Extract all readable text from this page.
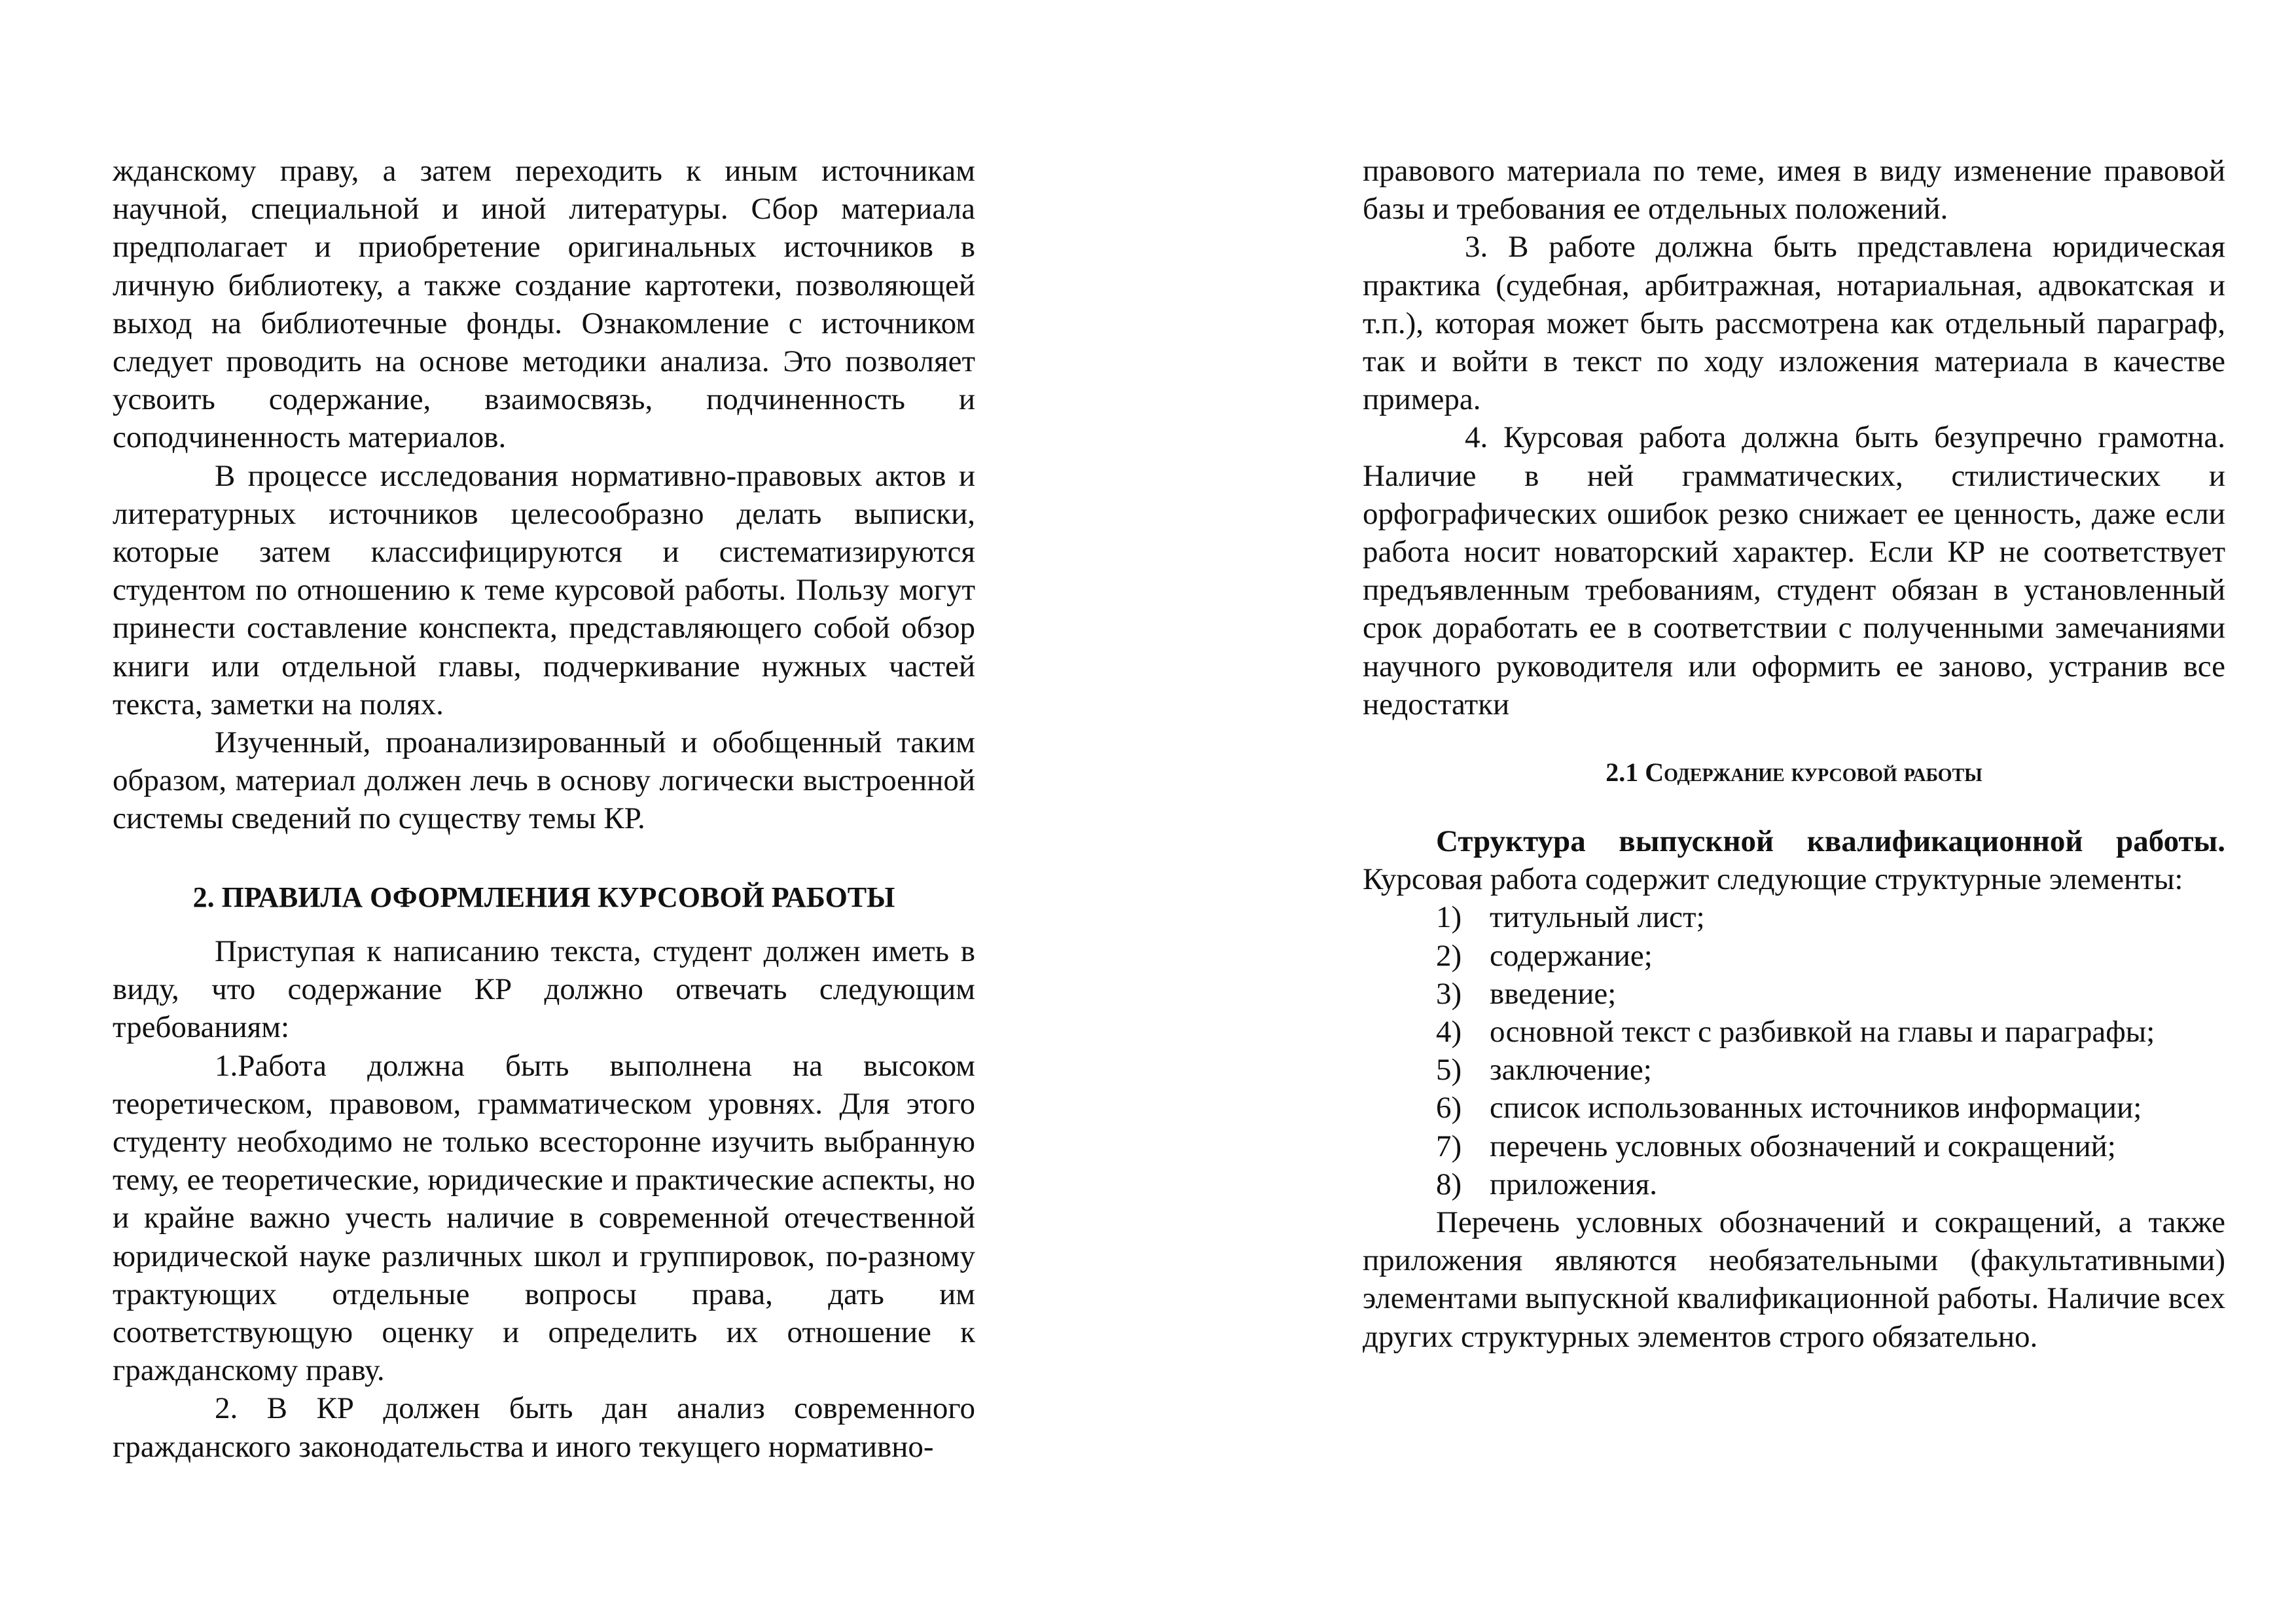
жданскому праву, а затем переходить к иным источникам научной, специальной и иной литературы. Сбор материала предполагает и приобретение оригинальных источников в личную библиотеку, а также создание картотеки, позволяющей выход на библиотечные фонды. Ознакомление с источником следует проводить на основе методики анализа. Это позволяет усвоить содержание, взаимосвязь, подчиненность и соподчиненность материалов.

В процессе исследования нормативно-правовых актов и литературных источников целесообразно делать выписки, которые затем классифицируются и систематизируются студентом по отношению к теме курсовой работы. Пользу могут принести составление конспекта, представляющего собой обзор книги или отдельной главы, подчеркивание нужных частей текста, заметки на полях.

Изученный, проанализированный и обобщенный таким образом, материал должен лечь в основу логически выстроенной системы сведений по существу темы КР.

2. ПРАВИЛА ОФОРМЛЕНИЯ КУРСОВОЙ РАБОТЫ

Приступая к написанию текста, студент должен иметь в виду, что содержание КР должно отвечать следующим требованиям:

1.Работа должна быть выполнена на высоком теоретическом, правовом, грамматическом уровнях. Для этого студенту необходимо не только всесторонне изучить выбранную тему, ее теоретические, юридические и практические аспекты, но и крайне важно учесть наличие в современной отечественной юридической науке различных школ и группировок, по-разному трактующих отдельные вопросы права, дать им соответствующую оценку и определить их отношение к гражданскому праву.

2. В КР должен быть дан анализ современного гражданского законодательства и иного текущего нормативно-

правового материала по теме, имея в виду изменение правовой базы и требования ее отдельных положений.

3. В работе должна быть представлена юридическая практика (судебная, арбитражная, нотариальная, адвокатская и т.п.), которая может быть рассмотрена как отдельный параграф, так и войти в текст по ходу изложения материала в качестве примера.

4. Курсовая работа должна быть безупречно грамотна. Наличие в ней грамматических, стилистических и орфографических ошибок резко снижает ее ценность, даже если работа носит новаторский характер. Если КР не соответствует предъявленным требованиям, студент обязан в установленный срок доработать ее в соответствии с полученными замечаниями научного руководителя или оформить ее заново, устранив все недостатки

2.1 Содержание курсовой работы

Структура выпускной квалификационной работы. Курсовая работа содержит следующие структурные элементы:

1) титульный лист;
2) содержание;
3) введение;
4) основной текст с разбивкой на главы и параграфы;
5) заключение;
6) список использованных источников информации;
7) перечень условных обозначений и сокращений;
8) приложения.

Перечень условных обозначений и сокращений, а также приложения являются необязательными (факультативными) элементами выпускной квалификационной работы. Наличие всех других структурных элементов строго обязательно.
